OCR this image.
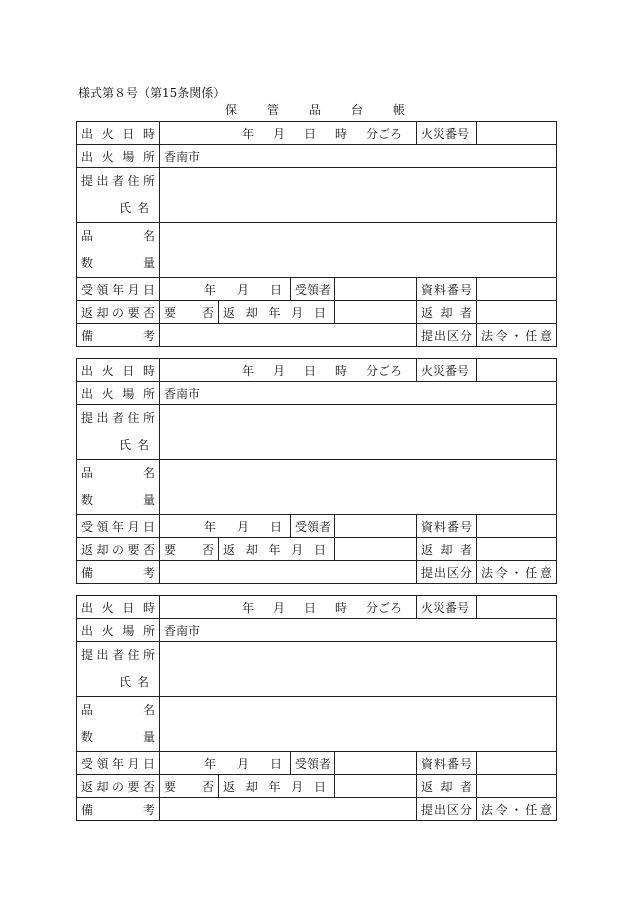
様式第８号（第15条関係）
保 管 品 台 帳
出 火 日 時	年 月 日 時 分ごろ				火災番号	
出 火 場 所	香南市					

提出者住所
氏名						

品名
数量						

受領年月日	年 月 日		受領者		資料番号	
返却の要否	要 否	返 却 年 月 日			返 却 者	
備考					提出区分	法令・任意
出 火 日 時	年 月 日 時 分ごろ				火災番号	
出 火 場 所	香南市					

提出者住所
氏名						

品名
数量						

受領年月日	年 月 日		受領者		資料番号	
返却の要否	要 否	返 却 年 月 日			返 却 者	
備考					提出区分	法令・任意
出 火 日 時	年 月 日 時 分ごろ				火災番号	
出 火 場 所	香南市					

提出者住所
氏名						

品名
数量						

受領年月日	年 月 日		受領者		資料番号	
返却の要否	要 否	返 却 年 月 日			返 却 者	
備考					提出区分	法令・任意
